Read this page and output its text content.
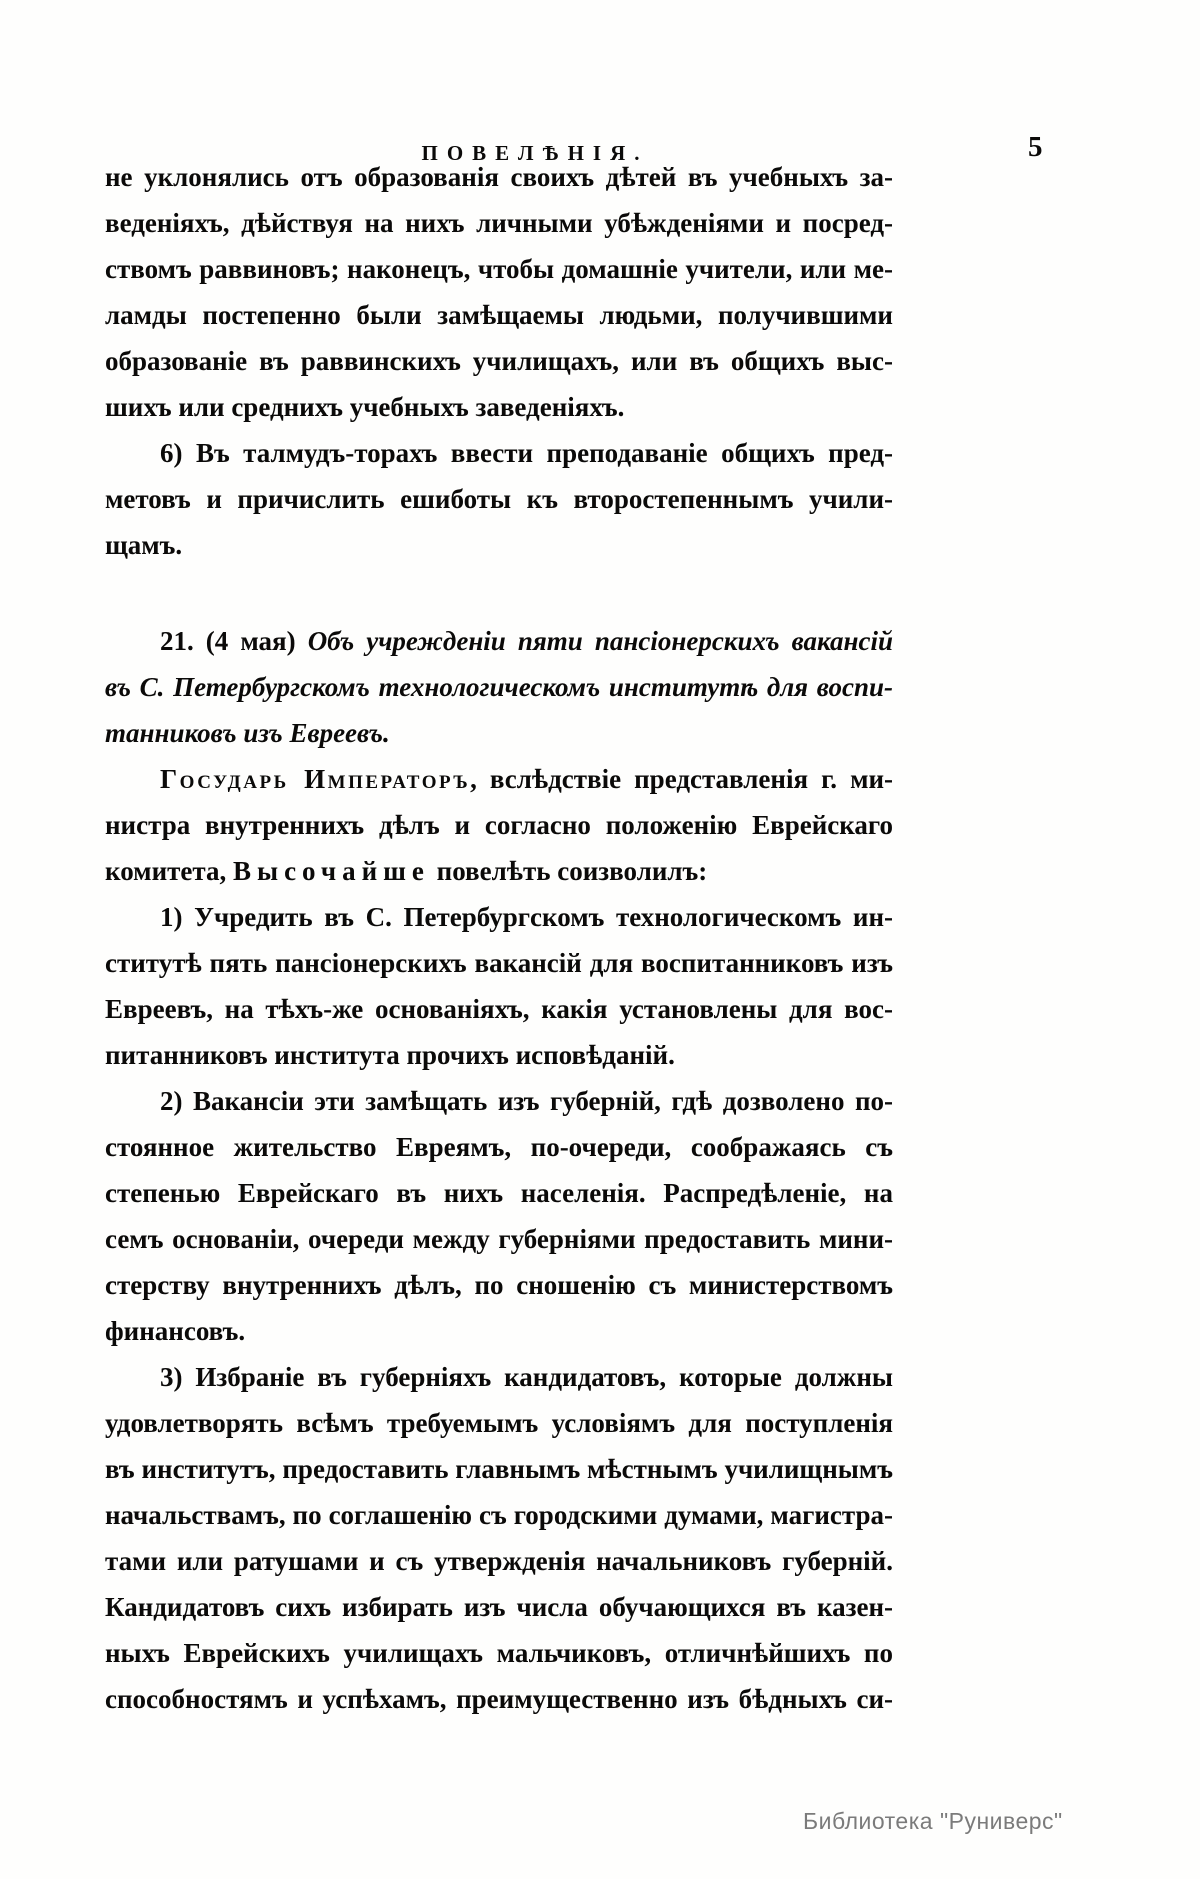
ПОВЕЛѢНІЯ.	5
не уклонялись отъ образованія своихъ дѣтей въ учебныхъ за-
веденіяхъ, дѣйствуя на нихъ личными убѣжденіями и посред-
ствомъ раввиновъ; наконецъ, чтобы домашніе учители, или ме-
ламды постепенно были замѣщаемы людьми, получившими
образованіе въ раввинскихъ училищахъ, или въ общихъ выс-
шихъ или среднихъ учебныхъ заведеніяхъ.
6) Въ талмудъ-торахъ ввести преподаваніе общихъ пред-
метовъ и причислить ешиботы къ второстепеннымъ учили-
щамъ.
21. (4 мая) Объ учрежденіи пяти пансіонерскихъ вакансій
въ С. Петербургскомъ технологическомъ институтѣ для воспи-
танниковъ изъ Евреевъ.
Государь Императоръ, вслѣдствіе представленія г. ми-
нистра внутреннихъ дѣлъ и согласно положенію Еврейскаго
комитета, Высочайше повелѣть соизволилъ:
1) Учредить въ С. Петербургскомъ технологическомъ ин-
ститутѣ пять пансіонерскихъ вакансій для воспитанниковъ изъ
Евреевъ, на тѣхъ-же основаніяхъ, какія установлены для вос-
питанниковъ института прочихъ исповѣданій.
2) Вакансіи эти замѣщать изъ губерній, гдѣ дозволено по-
стоянное жительство Евреямъ, по-очереди, соображаясь съ
степенью Еврейскаго въ нихъ населенія. Распредѣленіе, на
семъ основаніи, очереди между губерніями предоставить мини-
стерству внутреннихъ дѣлъ, по сношенію съ министерствомъ
финансовъ.
3) Избраніе въ губерніяхъ кандидатовъ, которые должны
удовлетворять всѣмъ требуемымъ условіямъ для поступленія
въ институтъ, предоставить главнымъ мѣстнымъ училищнымъ
начальствамъ, по соглашенію съ городскими думами, магистра-
тами или ратушами и съ утвержденія начальниковъ губерній.
Кандидатовъ сихъ избирать изъ числа обучающихся въ казен-
ныхъ Еврейскихъ училищахъ мальчиковъ, отличнѣйшихъ по
способностямъ и успѣхамъ, преимущественно изъ бѣдныхъ си-
Библиотека "Руниверс"
